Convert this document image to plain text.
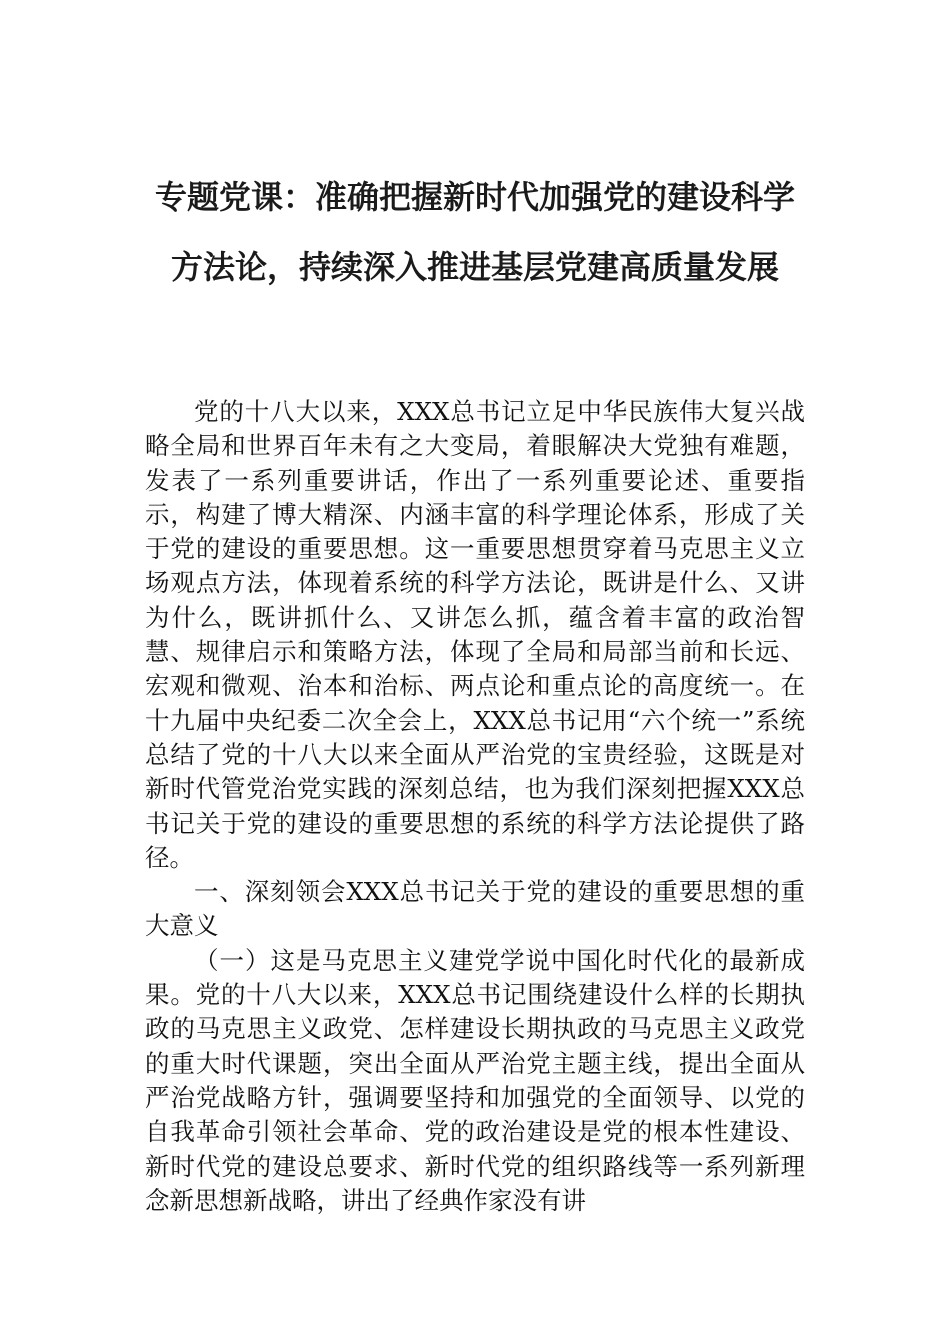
专题党课：准确把握新时代加强党的建设科学方法论，持续深入推进基层党建高质量发展

党的十八大以来，XXX总书记立足中华民族伟大复兴战略全局和世界百年未有之大变局，着眼解决大党独有难题，发表了一系列重要讲话，作出了一系列重要论述、重要指示，构建了博大精深、内涵丰富的科学理论体系，形成了关于党的建设的重要思想。这一重要思想贯穿着马克思主义立场观点方法，体现着系统的科学方法论，既讲是什么、又讲为什么，既讲抓什么、又讲怎么抓，蕴含着丰富的政治智慧、规律启示和策略方法，体现了全局和局部当前和长远、宏观和微观、治本和治标、两点论和重点论的高度统一。在十九届中央纪委二次全会上，XXX总书记用“六个统一”系统总结了党的十八大以来全面从严治党的宝贵经验，这既是对新时代管党治党实践的深刻总结，也为我们深刻把握XXX总书记关于党的建设的重要思想的系统的科学方法论提供了路径。

一、深刻领会XXX总书记关于党的建设的重要思想的重大意义

（一）这是马克思主义建党学说中国化时代化的最新成果。党的十八大以来，XXX总书记围绕建设什么样的长期执政的马克思主义政党、怎样建设长期执政的马克思主义政党的重大时代课题，突出全面从严治党主题主线，提出全面从严治党战略方针，强调要坚持和加强党的全面领导、以党的自我革命引领社会革命、党的政治建设是党的根本性建设、新时代党的建设总要求、新时代党的组织路线等一系列新理念新思想新战略，讲出了经典作家没有讲
